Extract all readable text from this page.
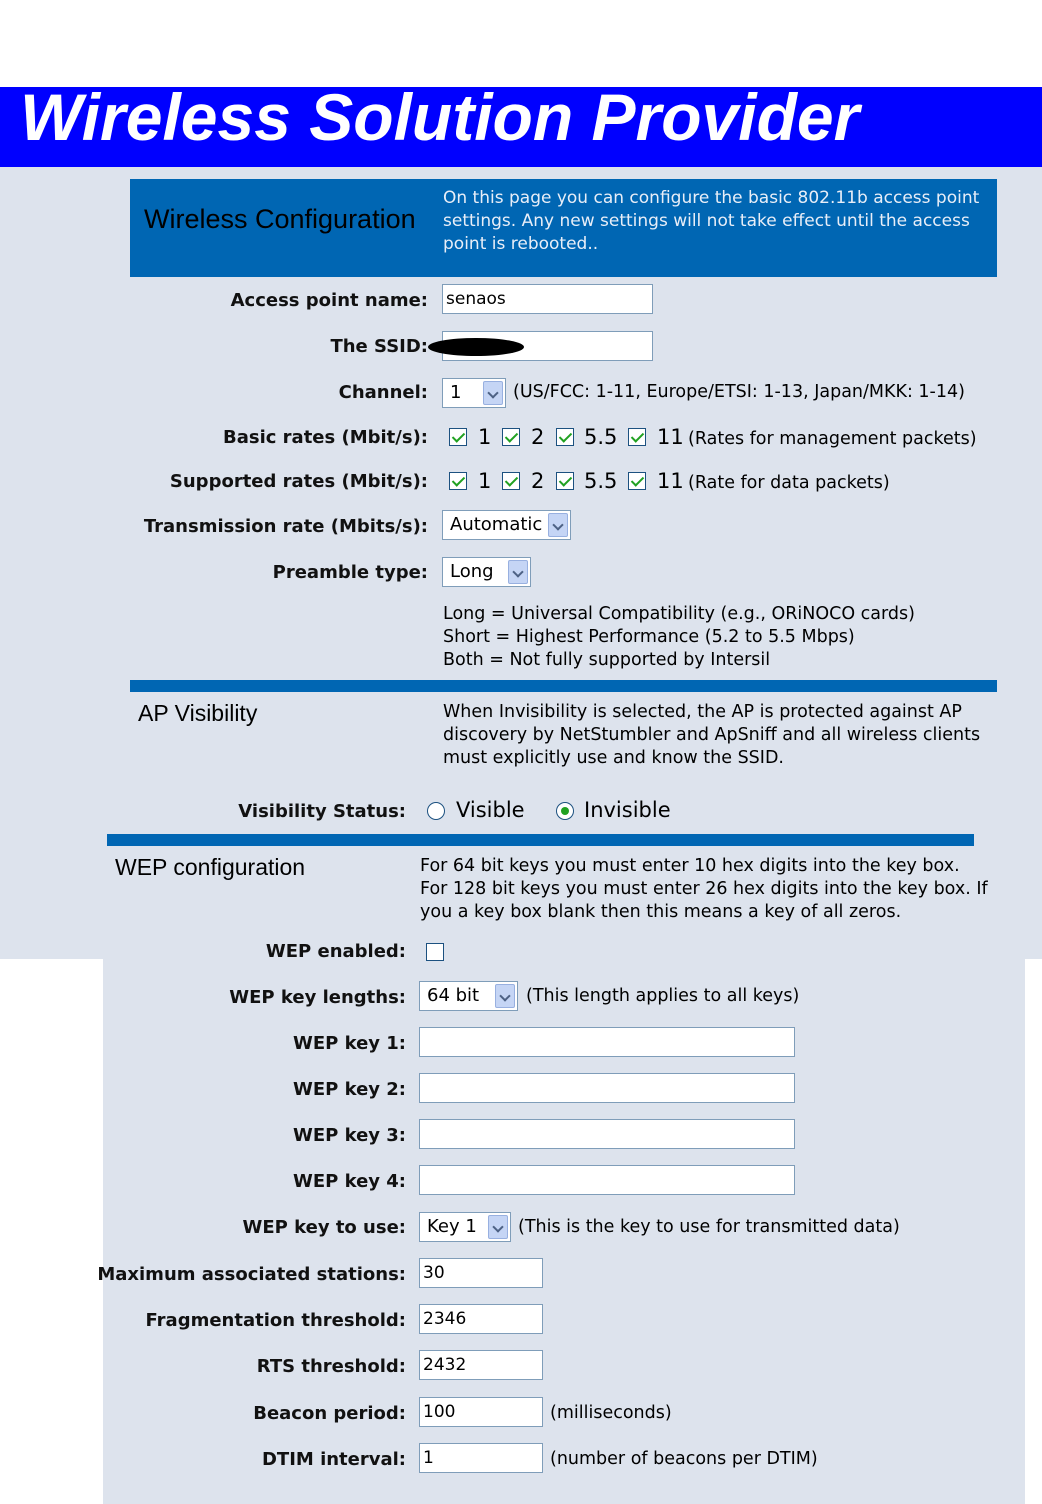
Wireless Solution Provider
Wireless Configuration
On this page you can configure the basic 802.11b access point settings. Any new settings will not take effect until the access point is rebooted..
Access point name: senaos
The SSID:
Channel:	1	(US/FCC: 1-11, Europe/ETSI: 1-13, Japan/MKK: 1-14)
Basic rates (Mbit/s): 1 2 5.5 11 (Rates for management packets)
Supported rates (Mbit/s): 1 2 5.5 11 (Rate for data packets)
Transmission rate (Mbits/s):	Automatic
Preamble type:	Long
Long = Universal Compatibility (e.g., ORiNOCO cards)
Short = Highest Performance (5.2 to 5.5 Mbps)
Both = Not fully supported by Intersil
AP Visibility	When Invisibility is selected, the AP is protected against AP
discovery by NetStumbler and ApSniff and all wireless clients
must explicitly use and know the SSID.
Visibility Status: Visible	Invisible
WEP configuration	For 64 bit keys you must enter 10 hex digits into the key box.
For 128 bit keys you must enter 26 hex digits into the key box. If
you a key box blank then this means a key of all zeros.
WEP enabled:
WEP key lengths:	64 bit	(This length applies to all keys)
WEP key 1:
WEP key 2:
WEP key 3:
WEP key 4:
WEP key to use:	Key 1	(This is the key to use for transmitted data)
Maximum associated stations: 30
Fragmentation threshold: 2346
RTS threshold: 2432
Beacon period: 100	(milliseconds)
DTIM interval: 1	(number of beacons per DTIM)
